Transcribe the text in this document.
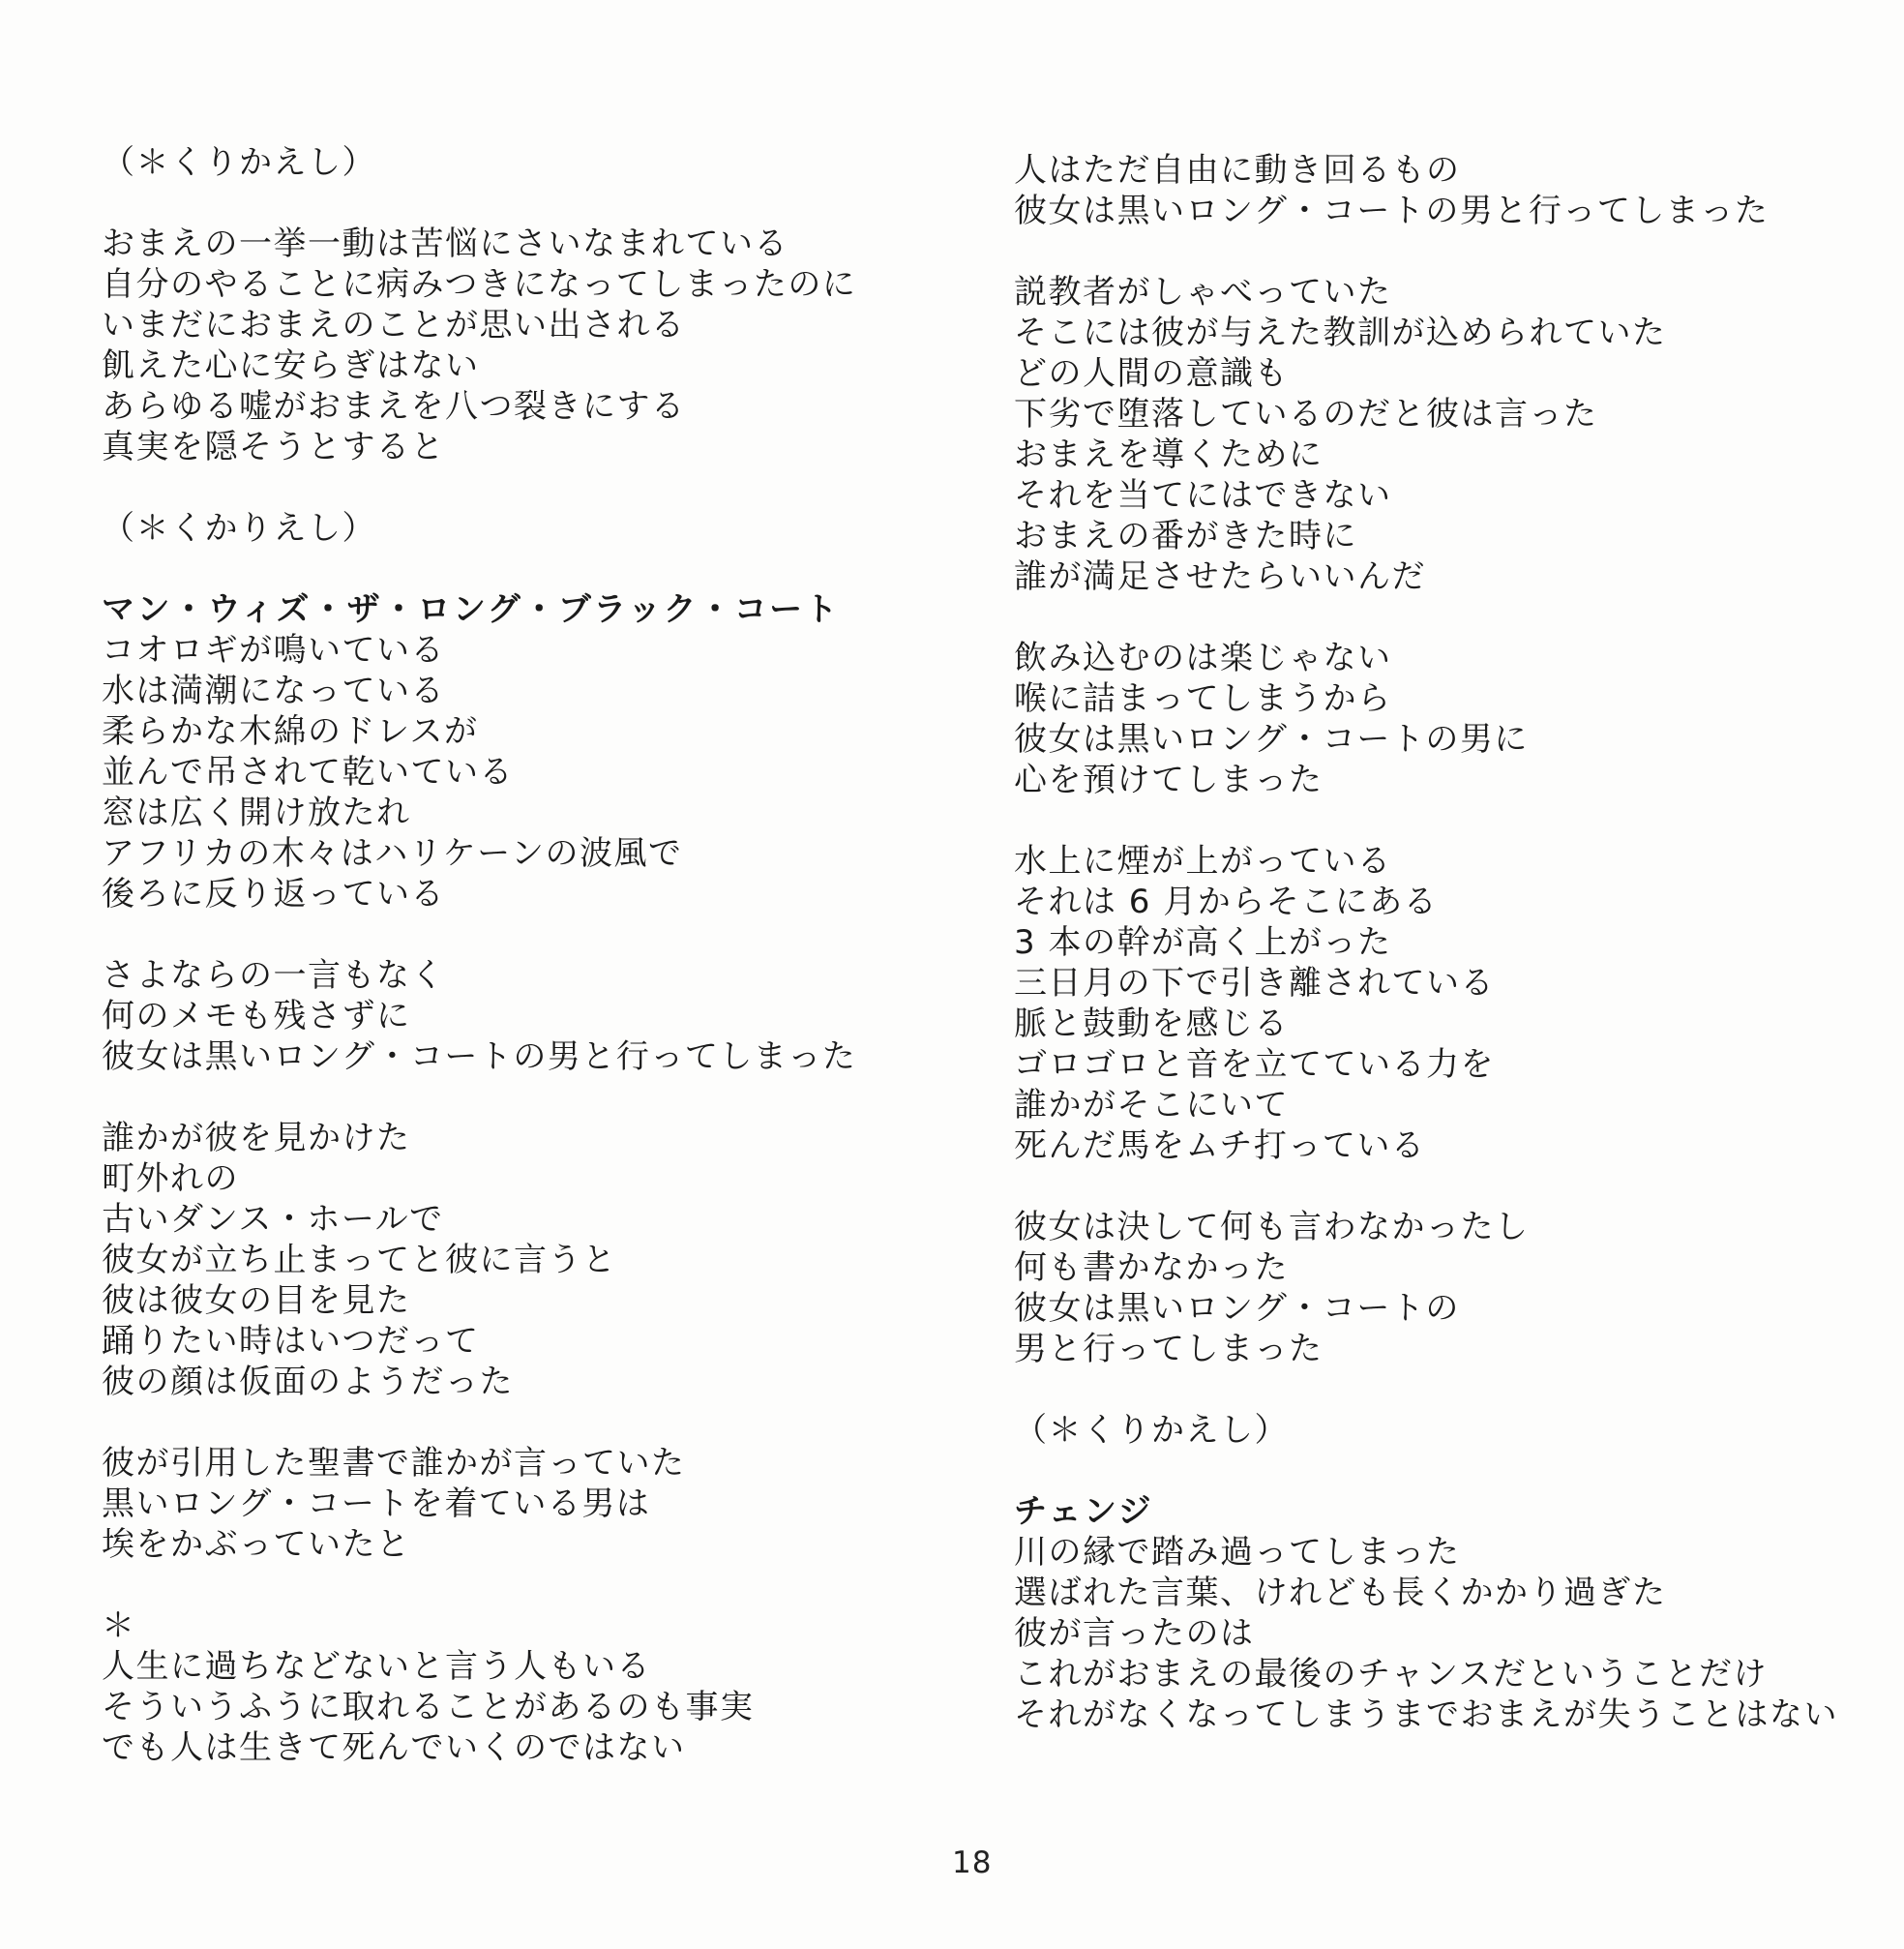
（＊くりかえし）
おまえの一挙一動は苦悩にさいなまれている
自分のやることに病みつきになってしまったのに
いまだにおまえのことが思い出される
飢えた心に安らぎはない
あらゆる嘘がおまえを八つ裂きにする
真実を隠そうとすると
（＊くかりえし）
マン・ウィズ・ザ・ロング・ブラック・コート
コオロギが鳴いている
水は満潮になっている
柔らかな木綿のドレスが
並んで吊されて乾いている
窓は広く開け放たれ
アフリカの木々はハリケーンの波風で
後ろに反り返っている
さよならの一言もなく
何のメモも残さずに
彼女は黒いロング・コートの男と行ってしまった
誰かが彼を見かけた
町外れの
古いダンス・ホールで
彼女が立ち止まってと彼に言うと
彼は彼女の目を見た
踊りたい時はいつだって
彼の顔は仮面のようだった
彼が引用した聖書で誰かが言っていた
黒いロング・コートを着ている男は
埃をかぶっていたと
＊
人生に過ちなどないと言う人もいる
そういうふうに取れることがあるのも事実
でも人は生きて死んでいくのではない
人はただ自由に動き回るもの
彼女は黒いロング・コートの男と行ってしまった
説教者がしゃべっていた
そこには彼が与えた教訓が込められていた
どの人間の意識も
下劣で堕落しているのだと彼は言った
おまえを導くために
それを当てにはできない
おまえの番がきた時に
誰が満足させたらいいんだ
飲み込むのは楽じゃない
喉に詰まってしまうから
彼女は黒いロング・コートの男に
心を預けてしまった
水上に煙が上がっている
それは 6 月からそこにある
3 本の幹が高く上がった
三日月の下で引き離されている
脈と鼓動を感じる
ゴロゴロと音を立てている力を
誰かがそこにいて
死んだ馬をムチ打っている
彼女は決して何も言わなかったし
何も書かなかった
彼女は黒いロング・コートの
男と行ってしまった
（＊くりかえし）
チェンジ
川の縁で踏み過ってしまった
選ばれた言葉、けれども長くかかり過ぎた
彼が言ったのは
これがおまえの最後のチャンスだということだけ
それがなくなってしまうまでおまえが失うことはない
18
